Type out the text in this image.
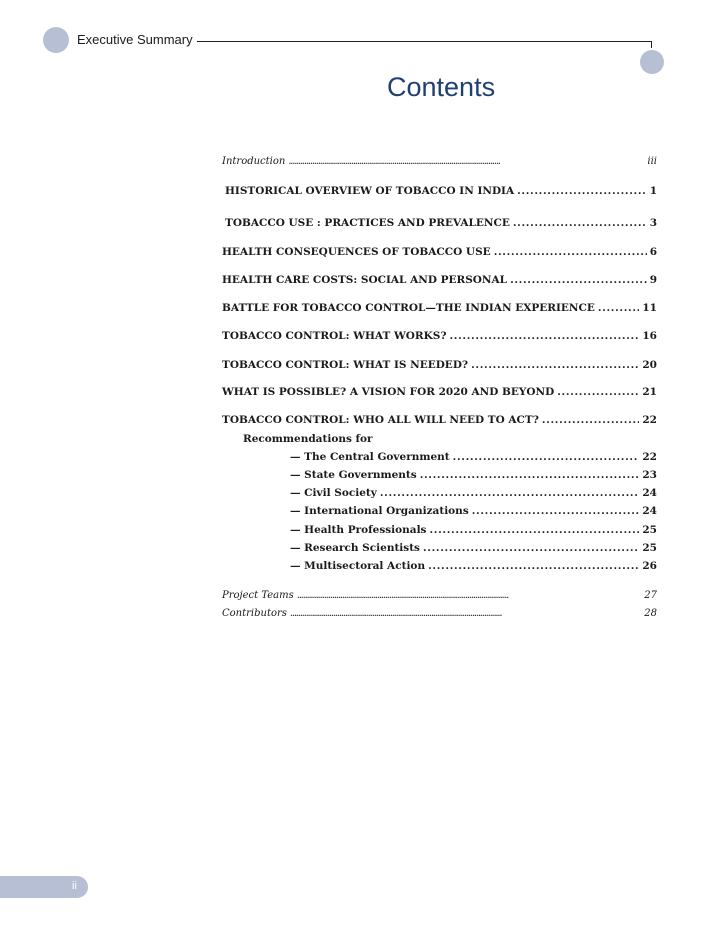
Executive Summary
Contents
Introduction . . .	iii
HISTORICAL OVERVIEW OF TOBACCO IN INDIA . . .	1
TOBACCO USE : PRACTICES AND PREVALENCE . . .	3
HEALTH CONSEQUENCES OF TOBACCO USE . . .	6
HEALTH CARE COSTS: SOCIAL AND PERSONAL . . .	9
BATTLE FOR TOBACCO CONTROL—THE INDIAN EXPERIENCE . . .	11
TOBACCO CONTROL: WHAT WORKS? . . .	16
TOBACCO CONTROL: WHAT IS NEEDED? . . .	20
WHAT IS POSSIBLE? A VISION FOR 2020 AND BEYOND . . .	21
TOBACCO CONTROL: WHO ALL WILL NEED TO ACT? . . .	22
Recommendations for
— The Central Government . . .	22
— State Governments . . .	23
— Civil Society . . .	24
— International Organizations . . .	24
— Health Professionals . . .	25
— Research Scientists . . .	25
— Multisectoral Action . . .	26
Project Teams . . .	27
Contributors . . .	28
ii
